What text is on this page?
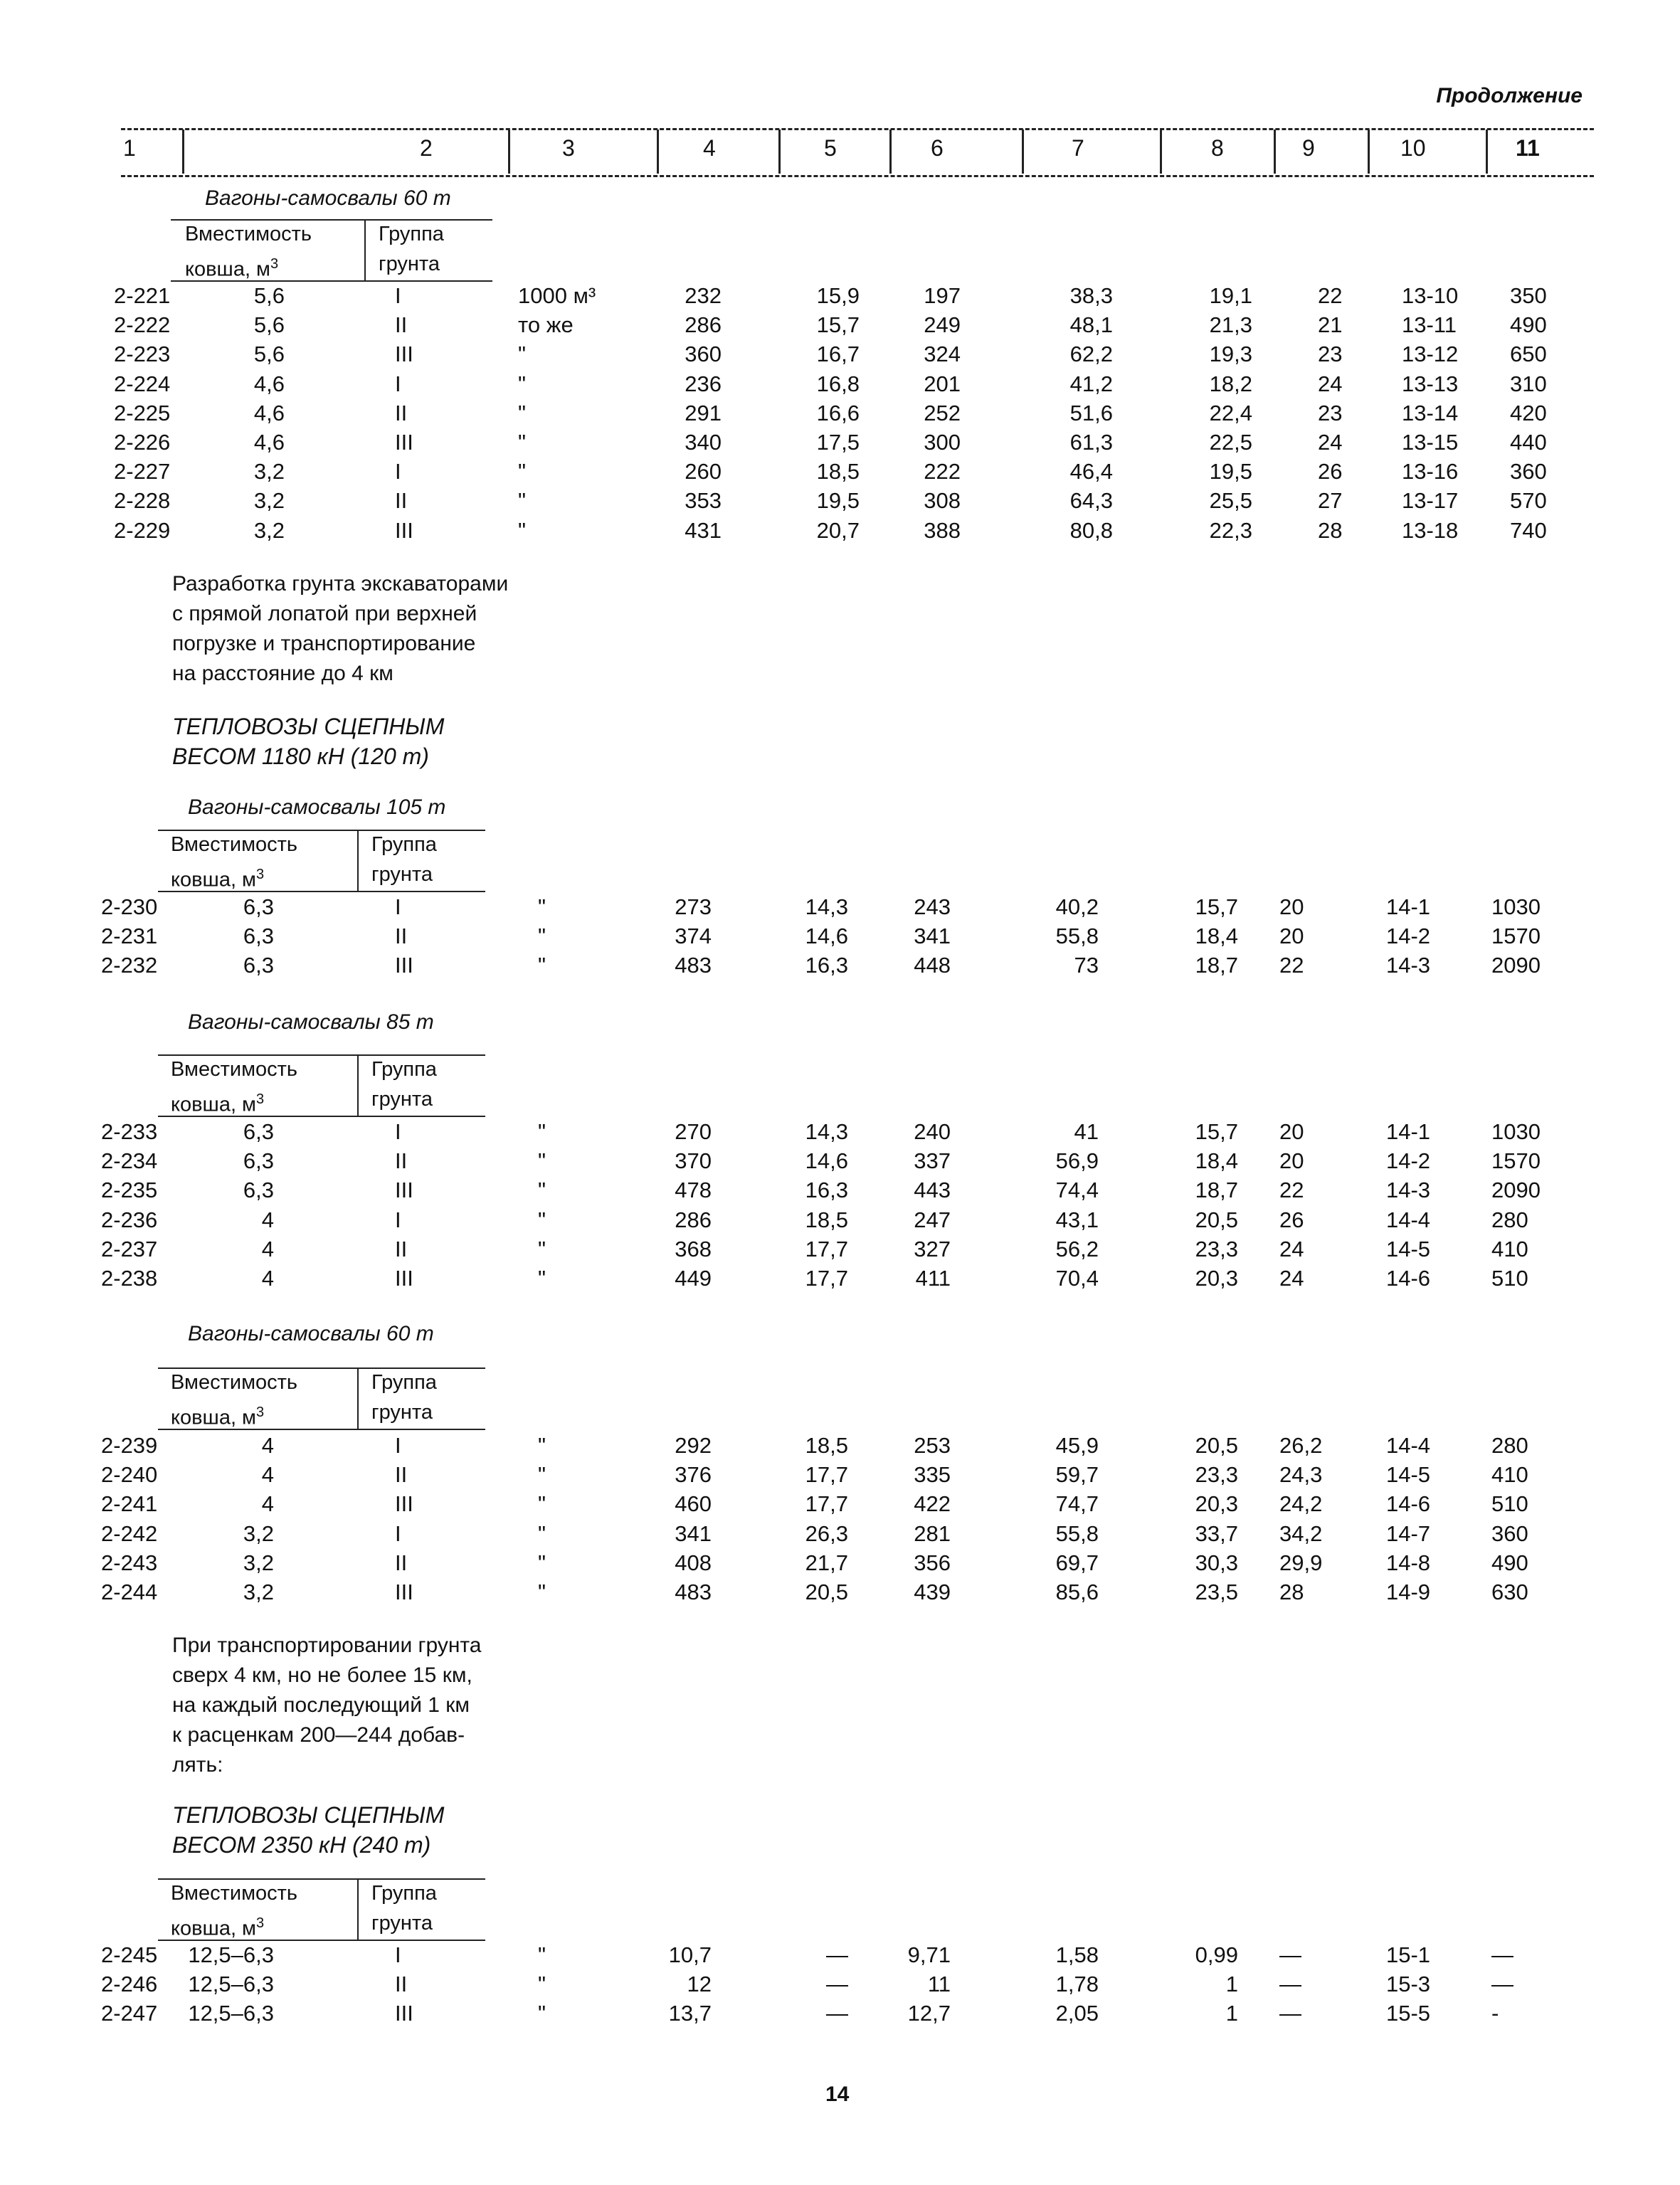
Продолжение
1	2	3	4	5	6	7	8	9	10	11
Вагоны-самосвалы 60 т
Вместимость
ковша, $м^3$
Группа
грунта
2-221	5,6	I	1000 м³	232	15,9	197	38,3	19,1	22	13-10 350
2-222	5,6	II	то же	286	15,7	249	48,1	21,3	21	13-11 490
2-223	5,6	III	"	360	16,7	324	62,2	19,3	23	13-12 650
2-224	4,6	I	"	236	16,8	201	41,2	18,2	24	13-13 310
2-225	4,6	II	"	291	16,6	252	51,6	22,4	23	13-14 420
2-226	4,6	III	"	340	17,5	300	61,3	22,5	24	13-15 440
2-227	3,2	I	"	260	18,5	222	46,4	19,5	26	13-16 360
2-228	3,2	II	"	353	19,5	308	64,3	25,5	27	13-17 570
2-229	3,2	III	"	431	20,7	388	80,8	22,3	28	13-18 740
Разработка грунта экскаваторами
с прямой лопатой при верхней
погрузке и транспортирование
на расстояние до 4 км
ТЕПЛОВОЗЫ СЦЕПНЫМ
ВЕСОМ 1180 кН (120 т)
Вагоны-самосвалы 105 т
Вместимость
ковша, $м^3$
Группа
грунта
2-230	6,3	I	"	273	14,3	243	40,2	15,7 20	14-1	1030
2-231	6,3	II	"	374	14,6	341	55,8	18,4 20	14-2	1570
2-232	6,3	III	"	483	16,3	448	73	18,7 22	14-3	2090
Вагоны-самосвалы 85 т
Вместимость
ковша, $м^3$
Группа
грунта
2-233	6,3	I	"	270	14,3	240	41	15,7 20	14-1	1030
2-234	6,3	II	"	370	14,6	337	56,9	18,4 20	14-2	1570
2-235	6,3	III	"	478	16,3	443	74,4	18,7 22	14-3	2090
2-236	4	I	"	286	18,5	247	43,1	20,5 26	14-4	280
2-237	4	II	"	368	17,7	327	56,2	23,3 24	14-5	410
2-238	4	III	"	449	17,7	411	70,4	20,3 24	14-6	510
Вагоны-самосвалы 60 т
Вместимость
ковша, $м^3$
Группа
грунта
2-239	4	I	"	292	18,5	253	45,9	20,5 26,2	14-4	280
2-240	4	II	"	376	17,7	335	59,7	23,3 24,3	14-5	410
2-241	4	III	"	460	17,7	422	74,7	20,3 24,2	14-6	510
2-242	3,2	I	"	341	26,3	281	55,8	33,7 34,2	14-7	360
2-243	3,2	II	"	408	21,7	356	69,7	30,3 29,9	14-8	490
2-244	3,2	III	"	483	20,5	439	85,6	23,5 28	14-9	630
При транспортировании грунта
сверх 4 км, но не более 15 км,
на каждый последующий 1 км
к расценкам 200—244 добав-
лять:
ТЕПЛОВОЗЫ СЦЕПНЫМ
ВЕСОМ 2350 кН (240 т)
Вместимость
ковша, $м^3$
Группа
грунта
2-245 12,5–6,3	I	"	10,7	—	9,71	1,58	0,99 —	15-1	—
2-246 12,5–6,3	II	"	12	—	11	1,78	1 —	15-3	—
2-247 12,5–6,3	III	"	13,7	—	12,7	2,05	1 —	15-5	-
14
